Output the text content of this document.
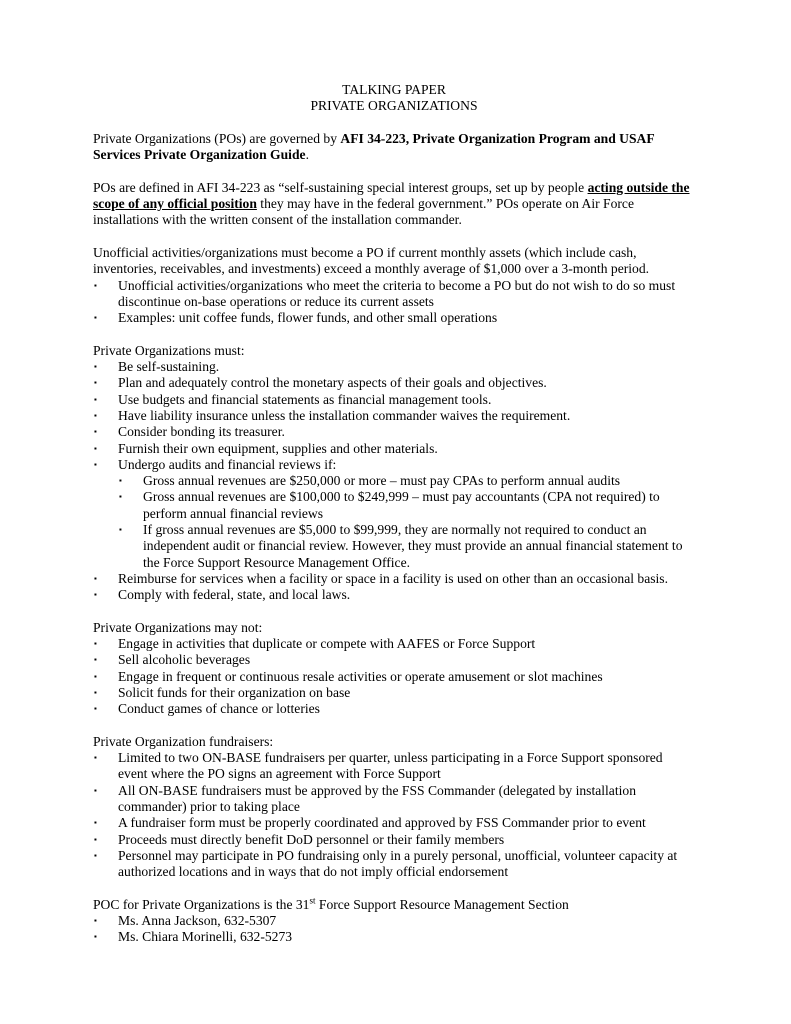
TALKING PAPER

PRIVATE ORGANIZATIONS

Private Organizations (POs) are governed by AFI 34-223, Private Organization Program and USAF Services Private Organization Guide.

POs are defined in AFI 34-223 as “self-sustaining special interest groups, set up by people acting outside the scope of any official position they may have in the federal government.” POs operate on Air Force installations with the written consent of the installation commander.

Unofficial activities/organizations must become a PO if current monthly assets (which include cash, inventories, receivables, and investments) exceed a monthly average of $1,000 over a 3-month period.

▪ Unofficial activities/organizations who meet the criteria to become a PO but do not wish to do so must discontinue on-base operations or reduce its current assets
▪ Examples: unit coffee funds, flower funds, and other small operations

Private Organizations must:

▪ Be self-sustaining.
▪ Plan and adequately control the monetary aspects of their goals and objectives.
▪ Use budgets and financial statements as financial management tools.
▪ Have liability insurance unless the installation commander waives the requirement.
▪ Consider bonding its treasurer.
▪ Furnish their own equipment, supplies and other materials.
▪ Undergo audits and financial reviews if:
▪ Gross annual revenues are $250,000 or more – must pay CPAs to perform annual audits
▪ Gross annual revenues are $100,000 to $249,999 – must pay accountants (CPA not required) to perform annual financial reviews
▪ If gross annual revenues are $5,000 to $99,999, they are normally not required to conduct an independent audit or financial review. However, they must provide an annual financial statement to the Force Support Resource Management Office.
▪ Reimburse for services when a facility or space in a facility is used on other than an occasional basis.
▪ Comply with federal, state, and local laws.

Private Organizations may not:

▪ Engage in activities that duplicate or compete with AAFES or Force Support
▪ Sell alcoholic beverages
▪ Engage in frequent or continuous resale activities or operate amusement or slot machines
▪ Solicit funds for their organization on base
▪ Conduct games of chance or lotteries

Private Organization fundraisers:

▪ Limited to two ON-BASE fundraisers per quarter, unless participating in a Force Support sponsored event where the PO signs an agreement with Force Support
▪ All ON-BASE fundraisers must be approved by the FSS Commander (delegated by installation commander) prior to taking place
▪ A fundraiser form must be properly coordinated and approved by FSS Commander prior to event
▪ Proceeds must directly benefit DoD personnel or their family members
▪ Personnel may participate in PO fundraising only in a purely personal, unofficial, volunteer capacity at authorized locations and in ways that do not imply official endorsement

POC for Private Organizations is the 31st Force Support Resource Management Section

▪ Ms. Anna Jackson, 632-5307
▪ Ms. Chiara Morinelli, 632-5273
